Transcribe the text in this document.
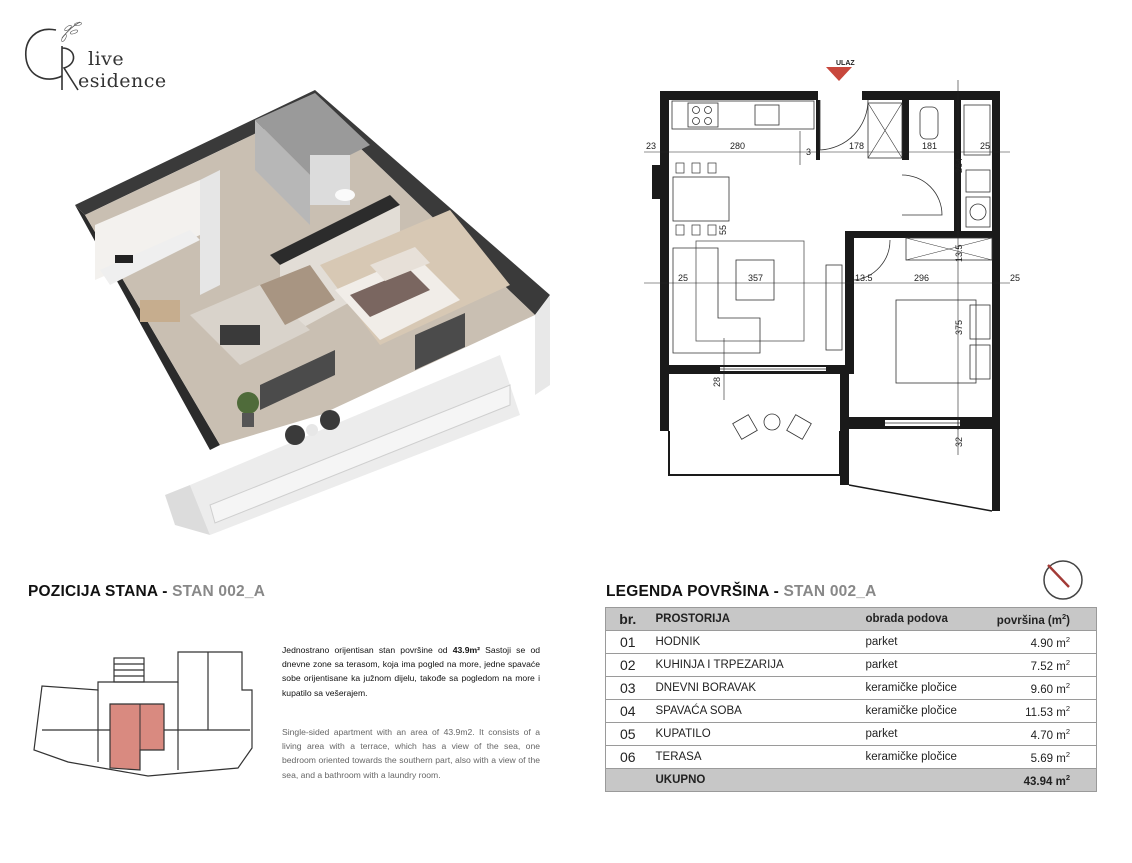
live
esidence
ULAZ
23	280	178	181	25
264
3
55
25	357	13.5	296	25
13.5
375
28
32
POZICIJA STANA - STAN 002_A	LEGENDA POVRŠINA - STAN 002_A
Jednostrano orijentisan stan površine od 43.9m² Sastoji se od dnevne zone sa terasom, koja ima pogled na more, jedne spavaće sobe orijentisane ka južnom dijelu, takođe sa pogledom na more i kupatilo sa vešerajem.
Single-sided apartment with an area of 43.9m2. It consists of a living area with a terrace, which has a view of the sea, one bedroom oriented towards the southern part, also with a view of the sea, and a bathroom with a laundry room.
br.	PROSTORIJA	obrada podova	površina $(m^2)$
01	HODNIK	parket	4.90 $m^2$
02	KUHINJA I TRPEZARIJA	parket	7.52 $m^2$
03	DNEVNI BORAVAK	keramičke pločice	9.60 $m^2$
04	SPAVAĆA SOBA	keramičke pločice	11.53 $m^2$
05	KUPATILO	parket	4.70 $m^2$
06	TERASA	keramičke pločice	5.69 $m^2$
	UKUPNO		43.94 $m^2$
